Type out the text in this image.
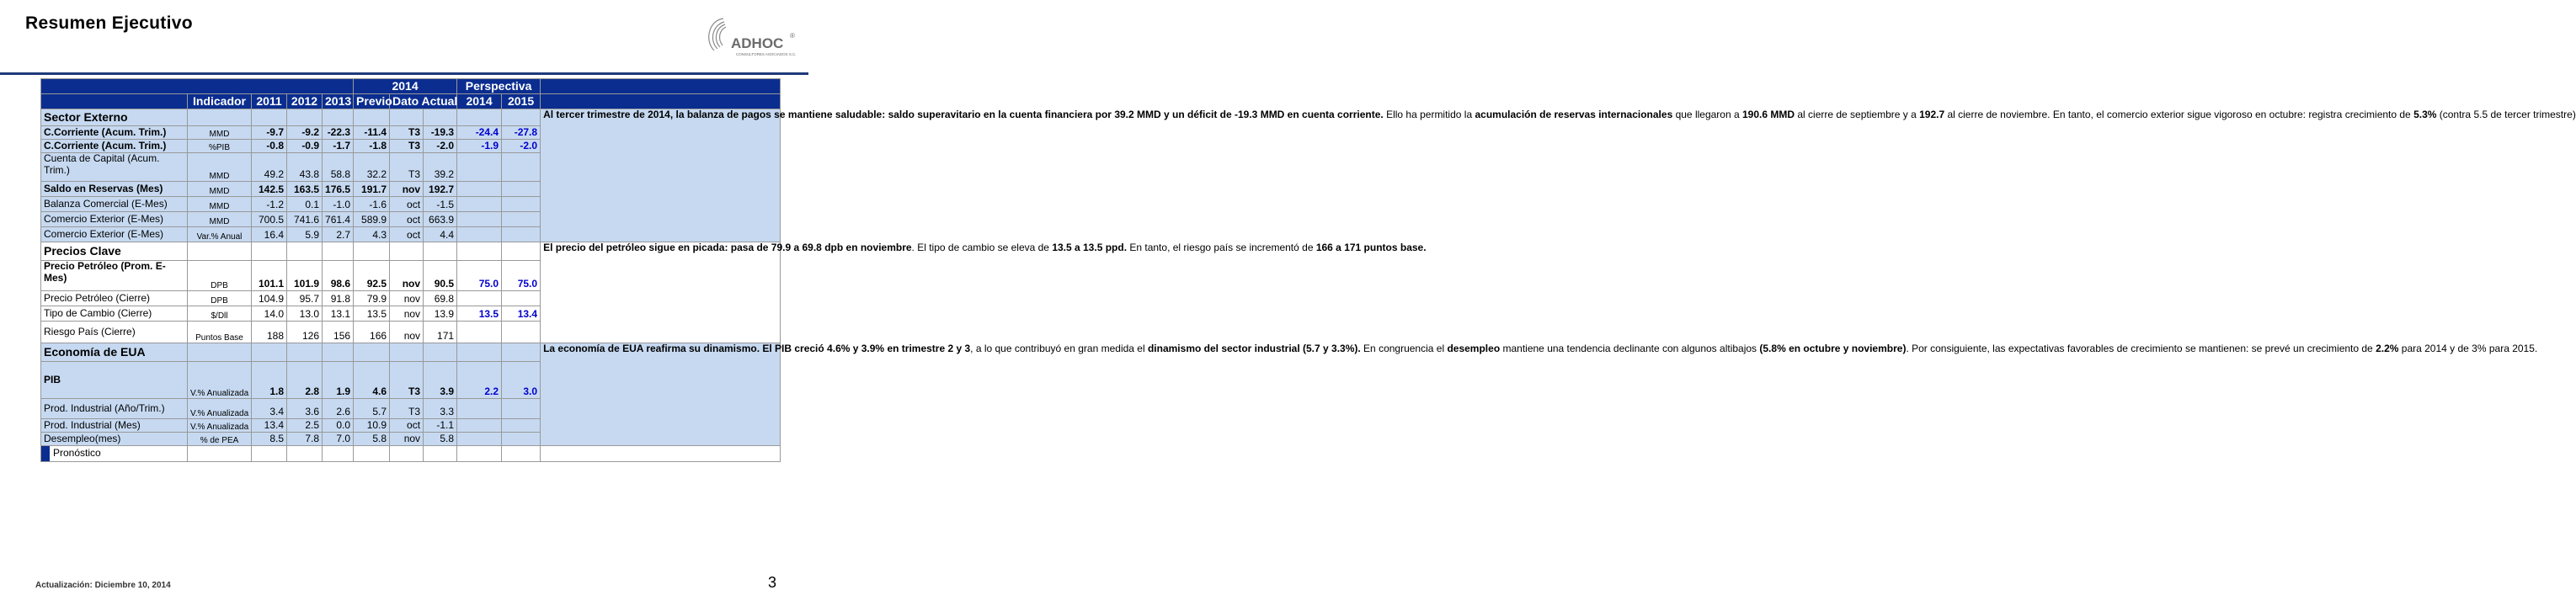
Resumen Ejecutivo
ADHOC ®
CONSULTORES ASOCIADOS S.C.
					2014			Perspectiva		
	Indicador	2011	2012	2013	Previo	Dato Actual		2014	2015	
Sector Externo										Al tercer trimestre de 2014, la balanza de pagos se mantiene saludable: saldo superavitario en la cuenta financiera por 39.2 MMD y un déficit de -19.3 MMD en cuenta corriente. Ello ha permitido la acumulación de reservas internacionales que llegaron a 190.6 MMD al cierre de septiembre y a 192.7 al cierre de noviembre. En tanto, el comercio exterior sigue vigoroso en octubre: registra crecimiento de 5.3% (contra 5.5 de tercer trimestre)
C.Corriente (Acum. Trim.)	MMD	-9.7	-9.2	-22.3	-11.4	T3	-19.3	-24.4	-27.8	
C.Corriente (Acum. Trim.)	%PIB	-0.8	-0.9	-1.7	-1.8	T3	-2.0	-1.9	-2.0	
Cuenta de Capital (Acum. Trim.)	MMD	49.2	43.8	58.8	32.2	T3	39.2			
Saldo en Reservas (Mes)	MMD	142.5	163.5	176.5	191.7	nov	192.7			
Balanza Comercial (E-Mes)	MMD	-1.2	0.1	-1.0	-1.6	oct	-1.5			
Comercio Exterior (E-Mes)	MMD	700.5	741.6	761.4	589.9	oct	663.9			
Comercio Exterior (E-Mes)	Var.% Anual	16.4	5.9	2.7	4.3	oct	4.4			
Precios Clave										El precio del petróleo sigue en picada: pasa de 79.9 a 69.8 dpb en noviembre. El tipo de cambio se eleva de 13.5 a 13.5 ppd. En tanto, el riesgo país se incrementó de 166 a 171 puntos base.
Precio Petróleo (Prom. E-Mes)	DPB	101.1	101.9	98.6	92.5	nov	90.5	75.0	75.0	
Precio Petróleo (Cierre)	DPB	104.9	95.7	91.8	79.9	nov	69.8			
Tipo de Cambio (Cierre)	$/Dll	14.0	13.0	13.1	13.5	nov	13.9	13.5	13.4	
Riesgo País (Cierre)	Puntos Base	188	126	156	166	nov	171			
Economía de EUA										La economía de EUA reafirma su dinamismo. El PIB creció 4.6% y 3.9% en trimestre 2 y 3, a lo que contribuyó en gran medida el dinamismo del sector industrial (5.7 y 3.3%). En congruencia el desempleo mantiene una tendencia declinante con algunos altibajos (5.8% en octubre y noviembre). Por consiguiente, las expectativas favorables de crecimiento se mantienen: se prevé un crecimiento de 2.2% para 2014 y de 3% para 2015.
PIB	V.% Anualizada	1.8	2.8	1.9	4.6	T3	3.9	2.2	3.0	
Prod. Industrial (Año/Trim.)	V.% Anualizada	3.4	3.6	2.6	5.7	T3	3.3			
Prod. Industrial (Mes)	V.% Anualizada	13.4	2.5	0.0	10.9	oct	-1.1			
Desempleo(mes)	% de PEA	8.5	7.8	7.0	5.8	nov	5.8			
Pronóstico										
Actualización: Diciembre 10, 2014	3
